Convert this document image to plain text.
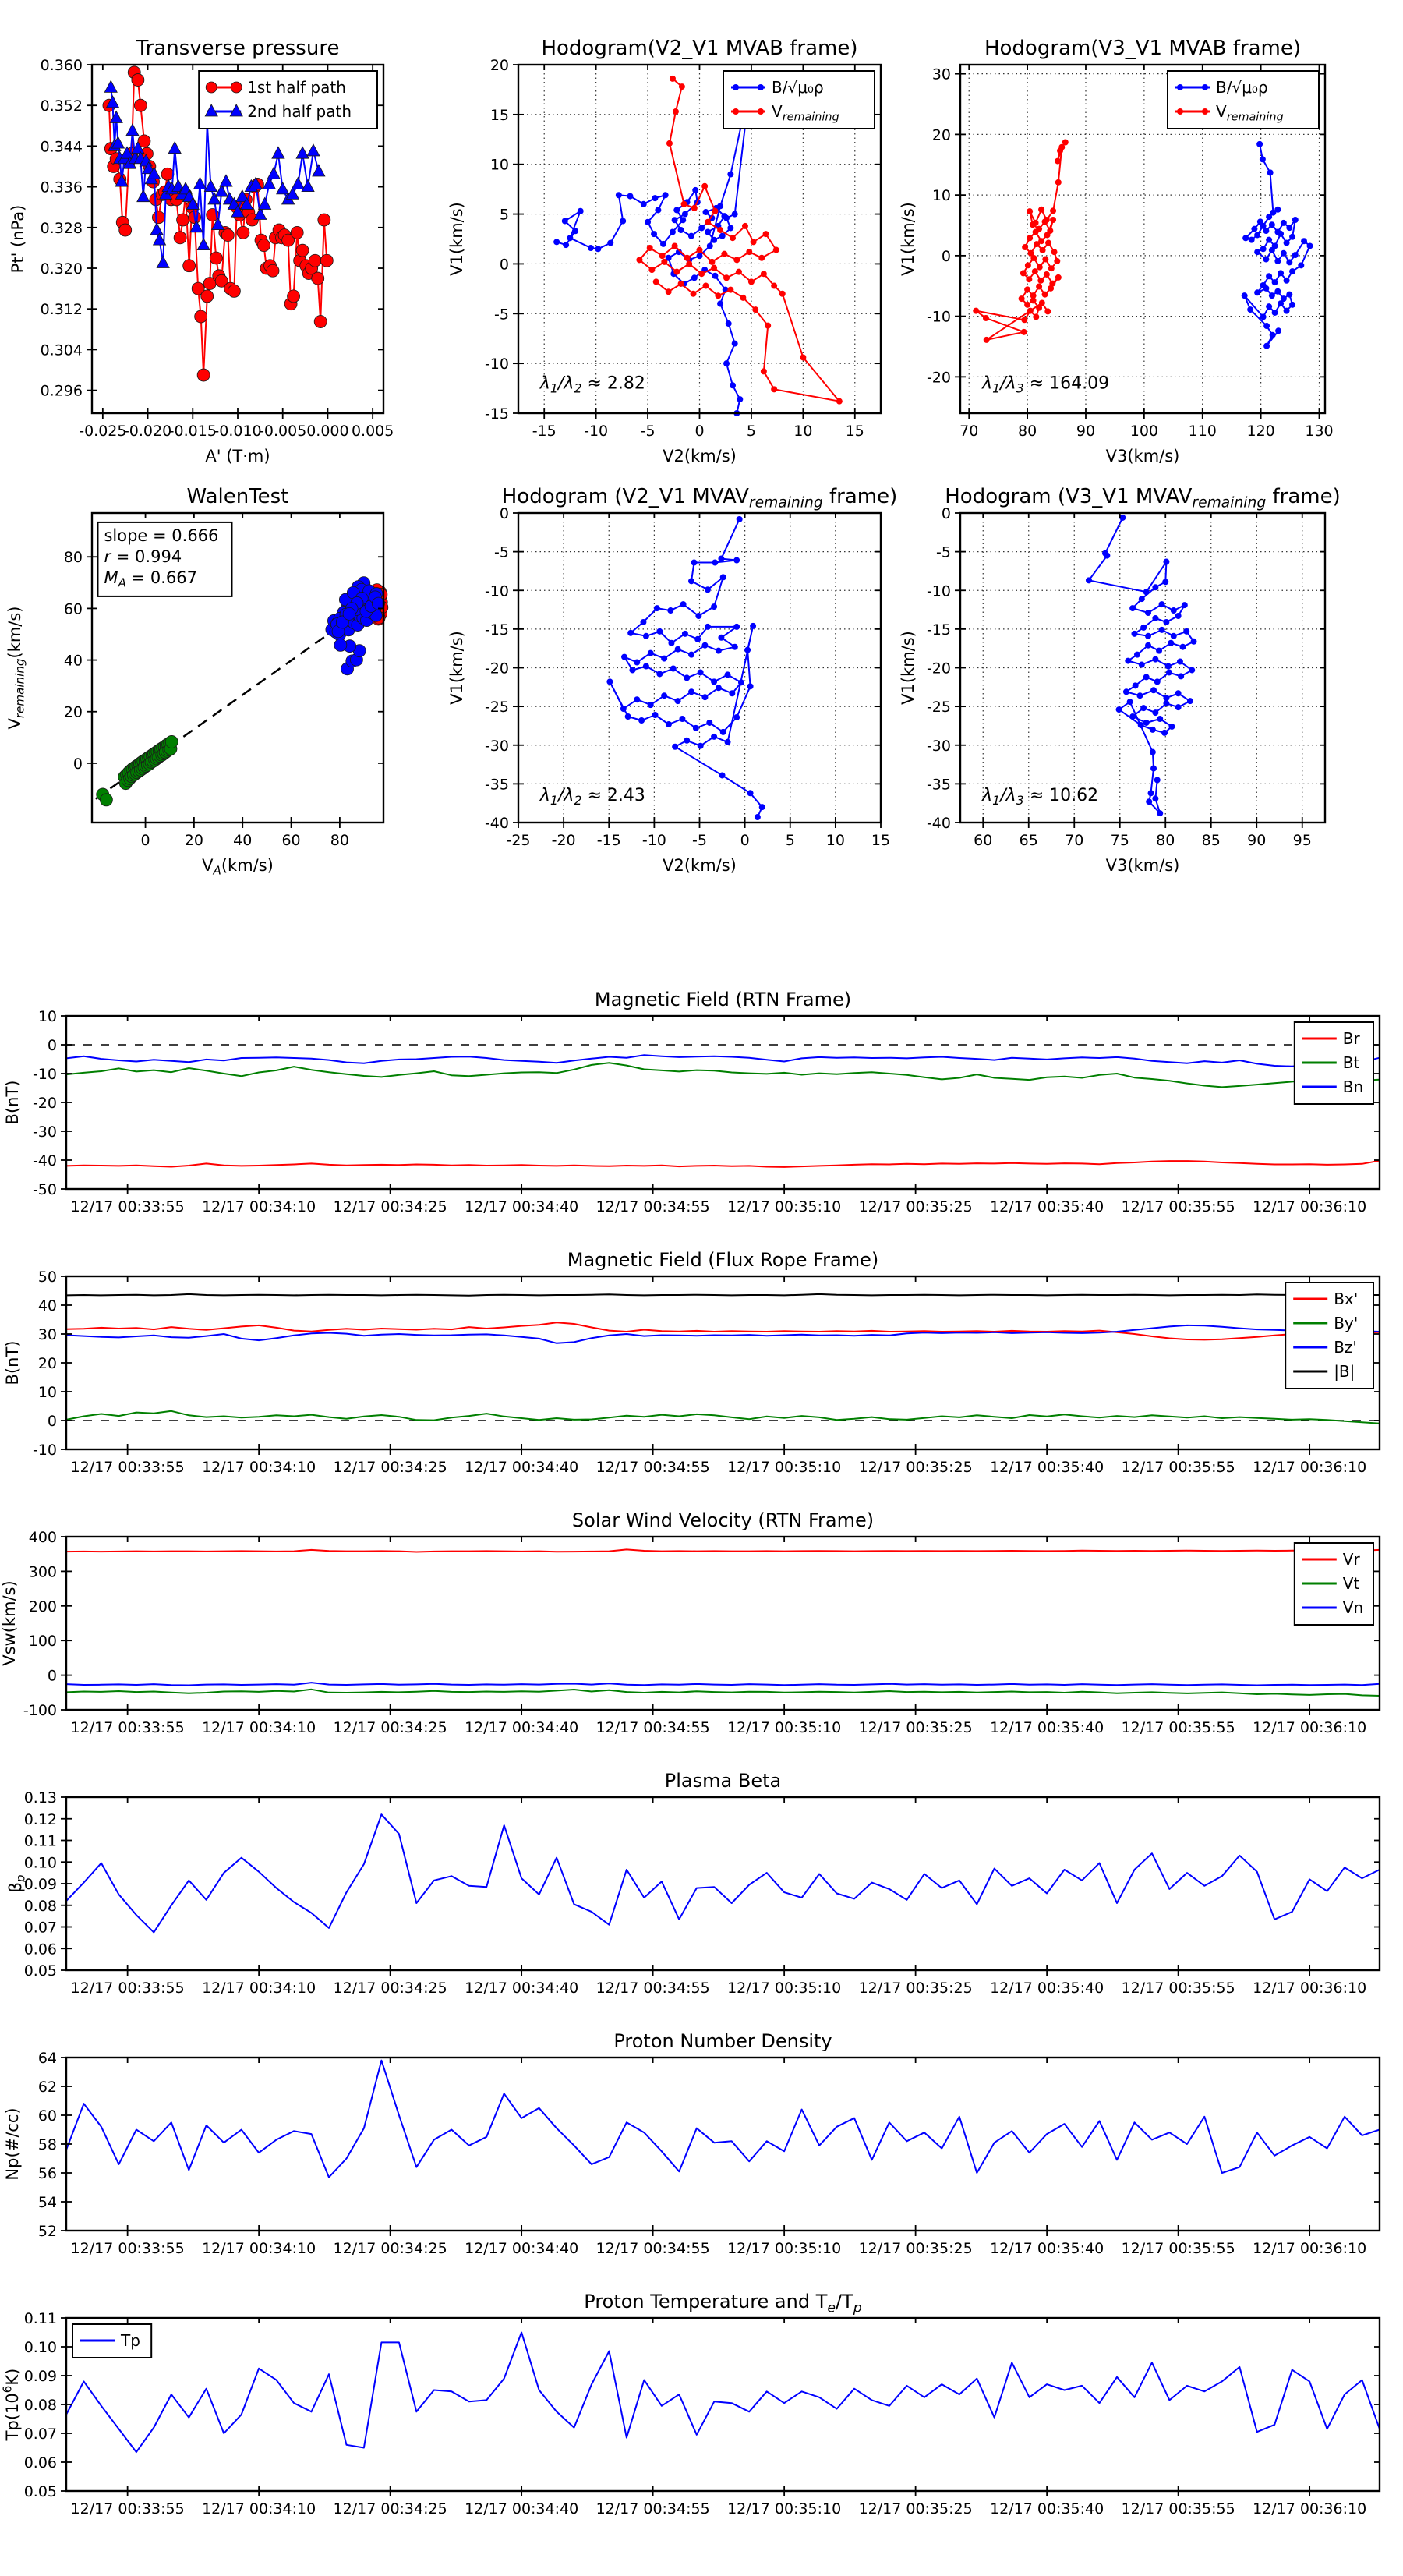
-0.025
-0.020
-0.015
-0.010
-0.005 0.000 0.005
0.296
0.304
0.312
0.320
0.328
0.336
0.344
0.352
0.360
Transverse pressure
A' (T·m)
Pt' (nPa)
1st half path
2nd half path
-15 -10 -5	0	5	10 15
20
15
10
5
0
-5
-10
-15
Hodogram(V2_V1 MVAB frame)
V2(km/s)
V1(km/s)
B/√μ₀ρ
$V_{remaining}$
$\lambda_1/\lambda_2 \approx 2.82$
70	80	90 100 110 120 130
30
20
10
0
-10
-20
Hodogram(V3_V1 MVAB frame)
V3(km/s)
V1(km/s)
B/√μ₀ρ
$V_{remaining}$
$\lambda_1/\lambda_3 \approx 164.09$
0 20 40 60 80
0
20
40
60
80
WalenTest
$V_A(km/s)$
$V_{remaining}(km/s)$
slope = 0.666
r = 0.994
$M_A = 0.667$
-25 -20 -15 -10 -5 0 5 10 15
0
-5
-10
-15
-20
-25
-30
-35
-40
Hodogram (V2_V1 $MVAV_{remaining}$ frame)
V2(km/s)
V1(km/s)
$\lambda_1/\lambda_2 \approx 2.43$
60 65 70 75 80 85 90 95
0
-5
-10
-15
-20
-25
-30
-35
-40
Hodogram (V3_V1 $MVAV_{remaining}$ frame)
V3(km/s)
V1(km/s)
$\lambda_1/\lambda_3 \approx 10.62$
12/17 00:33:55 12/17 00:34:10 12/17 00:34:25 12/17 00:34:40 12/17 00:34:55 12/17 00:35:10 12/17 00:35:25 12/17 00:35:40 12/17 00:35:55 12/17 00:36:10
10
0
-10
-20
-30
-40
-50
Magnetic Field (RTN Frame)
B(nT)
Br
Bt
Bn
12/17 00:33:55 12/17 00:34:10 12/17 00:34:25 12/17 00:34:40 12/17 00:34:55 12/17 00:35:10 12/17 00:35:25 12/17 00:35:40 12/17 00:35:55 12/17 00:36:10
50
40
30
20
10
0
-10
Magnetic Field (Flux Rope Frame)
B(nT)
Bx'
By'
Bz'
|B|
12/17 00:33:55 12/17 00:34:10 12/17 00:34:25 12/17 00:34:40 12/17 00:34:55 12/17 00:35:10 12/17 00:35:25 12/17 00:35:40 12/17 00:35:55 12/17 00:36:10
400
300
200
100
0
-100
Solar Wind Velocity (RTN Frame)
Vsw(km/s)
Vr
Vt
Vn
12/17 00:33:55 12/17 00:34:10 12/17 00:34:25 12/17 00:34:40 12/17 00:34:55 12/17 00:35:10 12/17 00:35:25 12/17 00:35:40 12/17 00:35:55 12/17 00:36:10
0.13
0.12
0.11
0.10
0.09
0.08
0.07
0.06
0.05
Plasma Beta
$\beta_p$
12/17 00:33:55 12/17 00:34:10 12/17 00:34:25 12/17 00:34:40 12/17 00:34:55 12/17 00:35:10 12/17 00:35:25 12/17 00:35:40 12/17 00:35:55 12/17 00:36:10
64
62
60
58
56
54
52
Proton Number Density
Np(#/cc)
12/17 00:33:55 12/17 00:34:10 12/17 00:34:25 12/17 00:34:40 12/17 00:34:55 12/17 00:35:10 12/17 00:35:25 12/17 00:35:40 12/17 00:35:55 12/17 00:36:10
0.11
0.10
0.09
0.08
0.07
0.06
0.05
Proton Temperature and $T_e/T_p$
$Tp(10^6K)$
Tp
